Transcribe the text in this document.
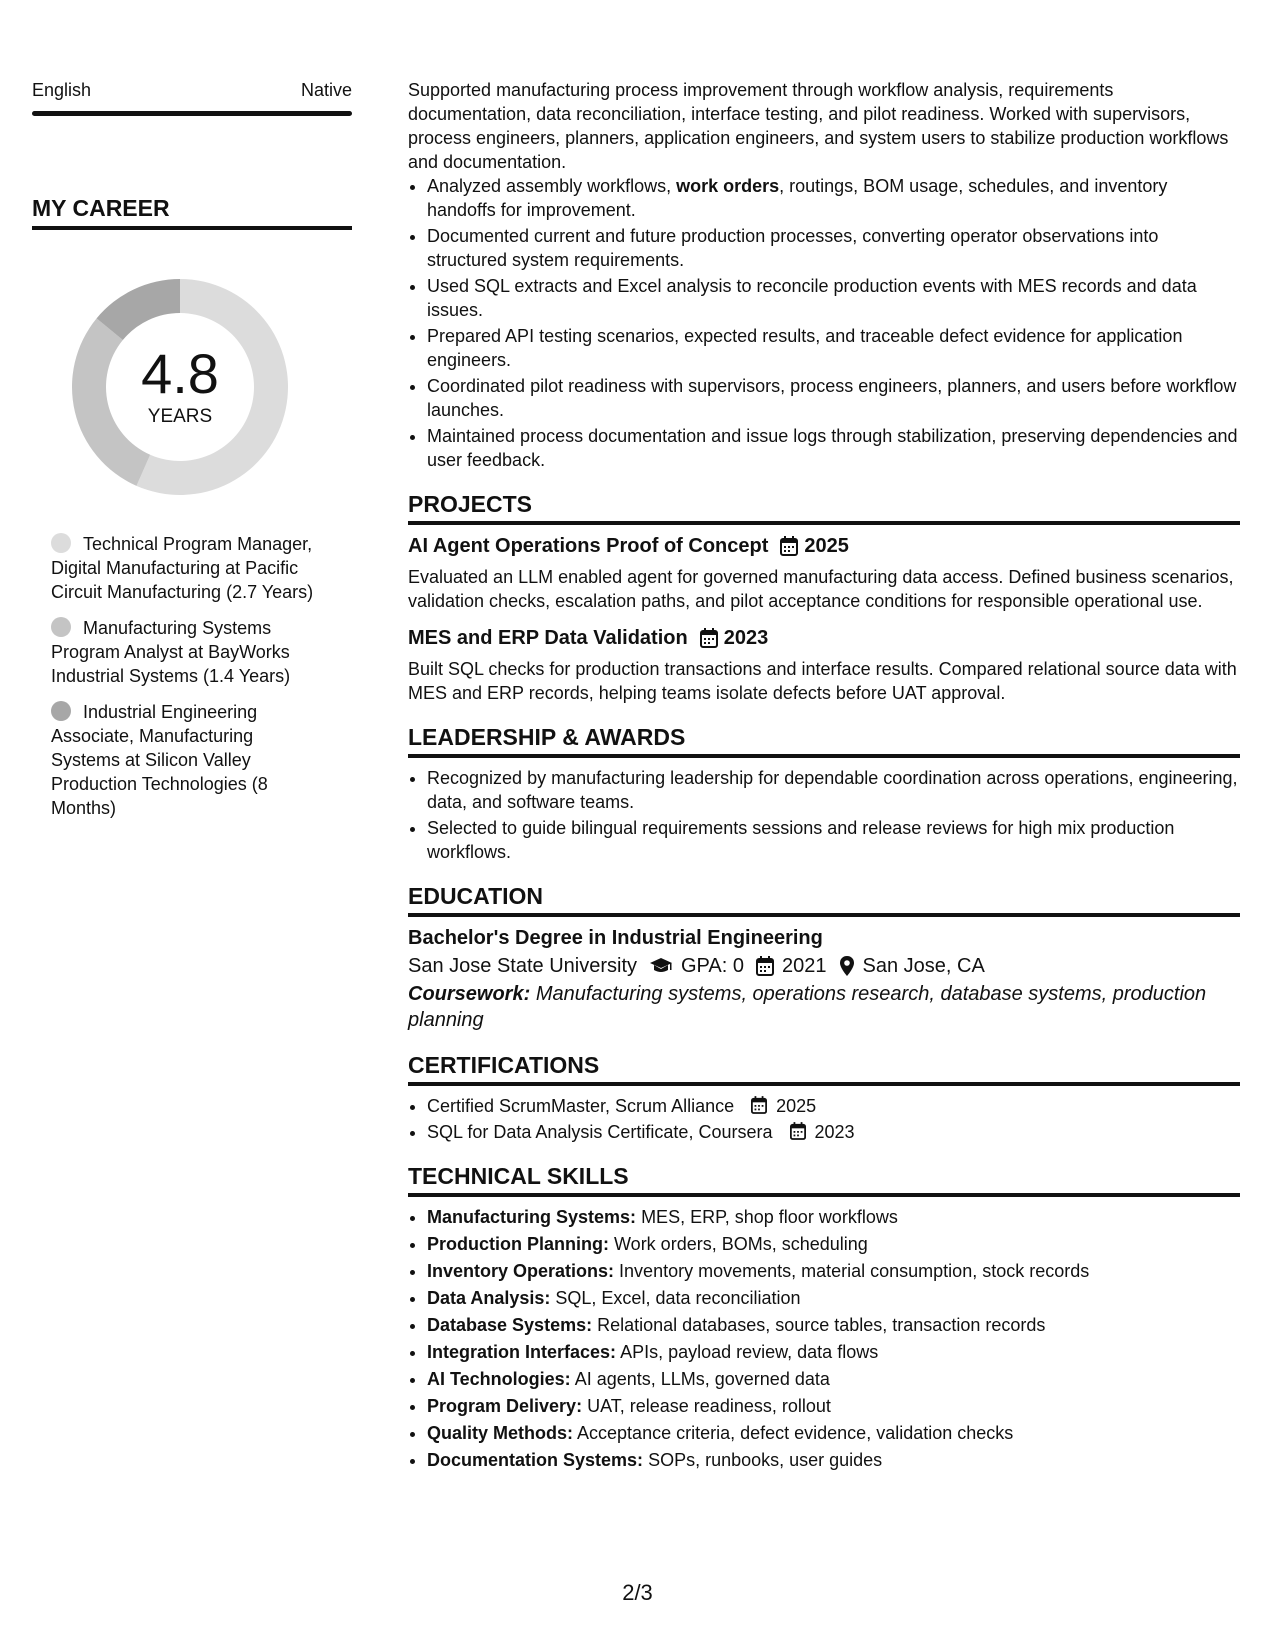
English	Native
MY CAREER
4.8
YEARS
Technical Program Manager, Digital Manufacturing at Pacific Circuit Manufacturing (2.7 Years)
Manufacturing Systems Program Analyst at BayWorks Industrial Systems (1.4 Years)
Industrial Engineering Associate, Manufacturing Systems at Silicon Valley Production Technologies (8 Months)

Supported manufacturing process improvement through workflow analysis, requirements documentation, data reconciliation, interface testing, and pilot readiness. Worked with supervisors, process engineers, planners, application engineers, and system users to stabilize production workflows and documentation.

• Analyzed assembly workflows, work orders, routings, BOM usage, schedules, and inventory handoffs for improvement.
• Documented current and future production processes, converting operator observations into structured system requirements.
• Used SQL extracts and Excel analysis to reconcile production events with MES records and data issues.
• Prepared API testing scenarios, expected results, and traceable defect evidence for application engineers.
• Coordinated pilot readiness with supervisors, process engineers, planners, and users before workflow launches.
• Maintained process documentation and issue logs through stabilization, preserving dependencies and user feedback.
PROJECTS
AI Agent Operations Proof of Concept 2025

Evaluated an LLM enabled agent for governed manufacturing data access. Defined business scenarios, validation checks, escalation paths, and pilot acceptance conditions for responsible operational use.

MES and ERP Data Validation 2023

Built SQL checks for production transactions and interface results. Compared relational source data with MES and ERP records, helping teams isolate defects before UAT approval.

LEADERSHIP & AWARDS
• Recognized by manufacturing leadership for dependable coordination across operations, engineering, data, and software teams.
• Selected to guide bilingual requirements sessions and release reviews for high mix production workflows.
EDUCATION
Bachelor's Degree in Industrial Engineering
San Jose State University GPA: 0 2021 San Jose, CA
Coursework: Manufacturing systems, operations research, database systems, production planning
CERTIFICATIONS
• Certified ScrumMaster, Scrum Alliance 2025
• SQL for Data Analysis Certificate, Coursera 2023
TECHNICAL SKILLS
• Manufacturing Systems: MES, ERP, shop floor workflows
• Production Planning: Work orders, BOMs, scheduling
• Inventory Operations: Inventory movements, material consumption, stock records
• Data Analysis: SQL, Excel, data reconciliation
• Database Systems: Relational databases, source tables, transaction records
• Integration Interfaces: APIs, payload review, data flows
• AI Technologies: AI agents, LLMs, governed data
• Program Delivery: UAT, release readiness, rollout
• Quality Methods: Acceptance criteria, defect evidence, validation checks
• Documentation Systems: SOPs, runbooks, user guides
2/3
